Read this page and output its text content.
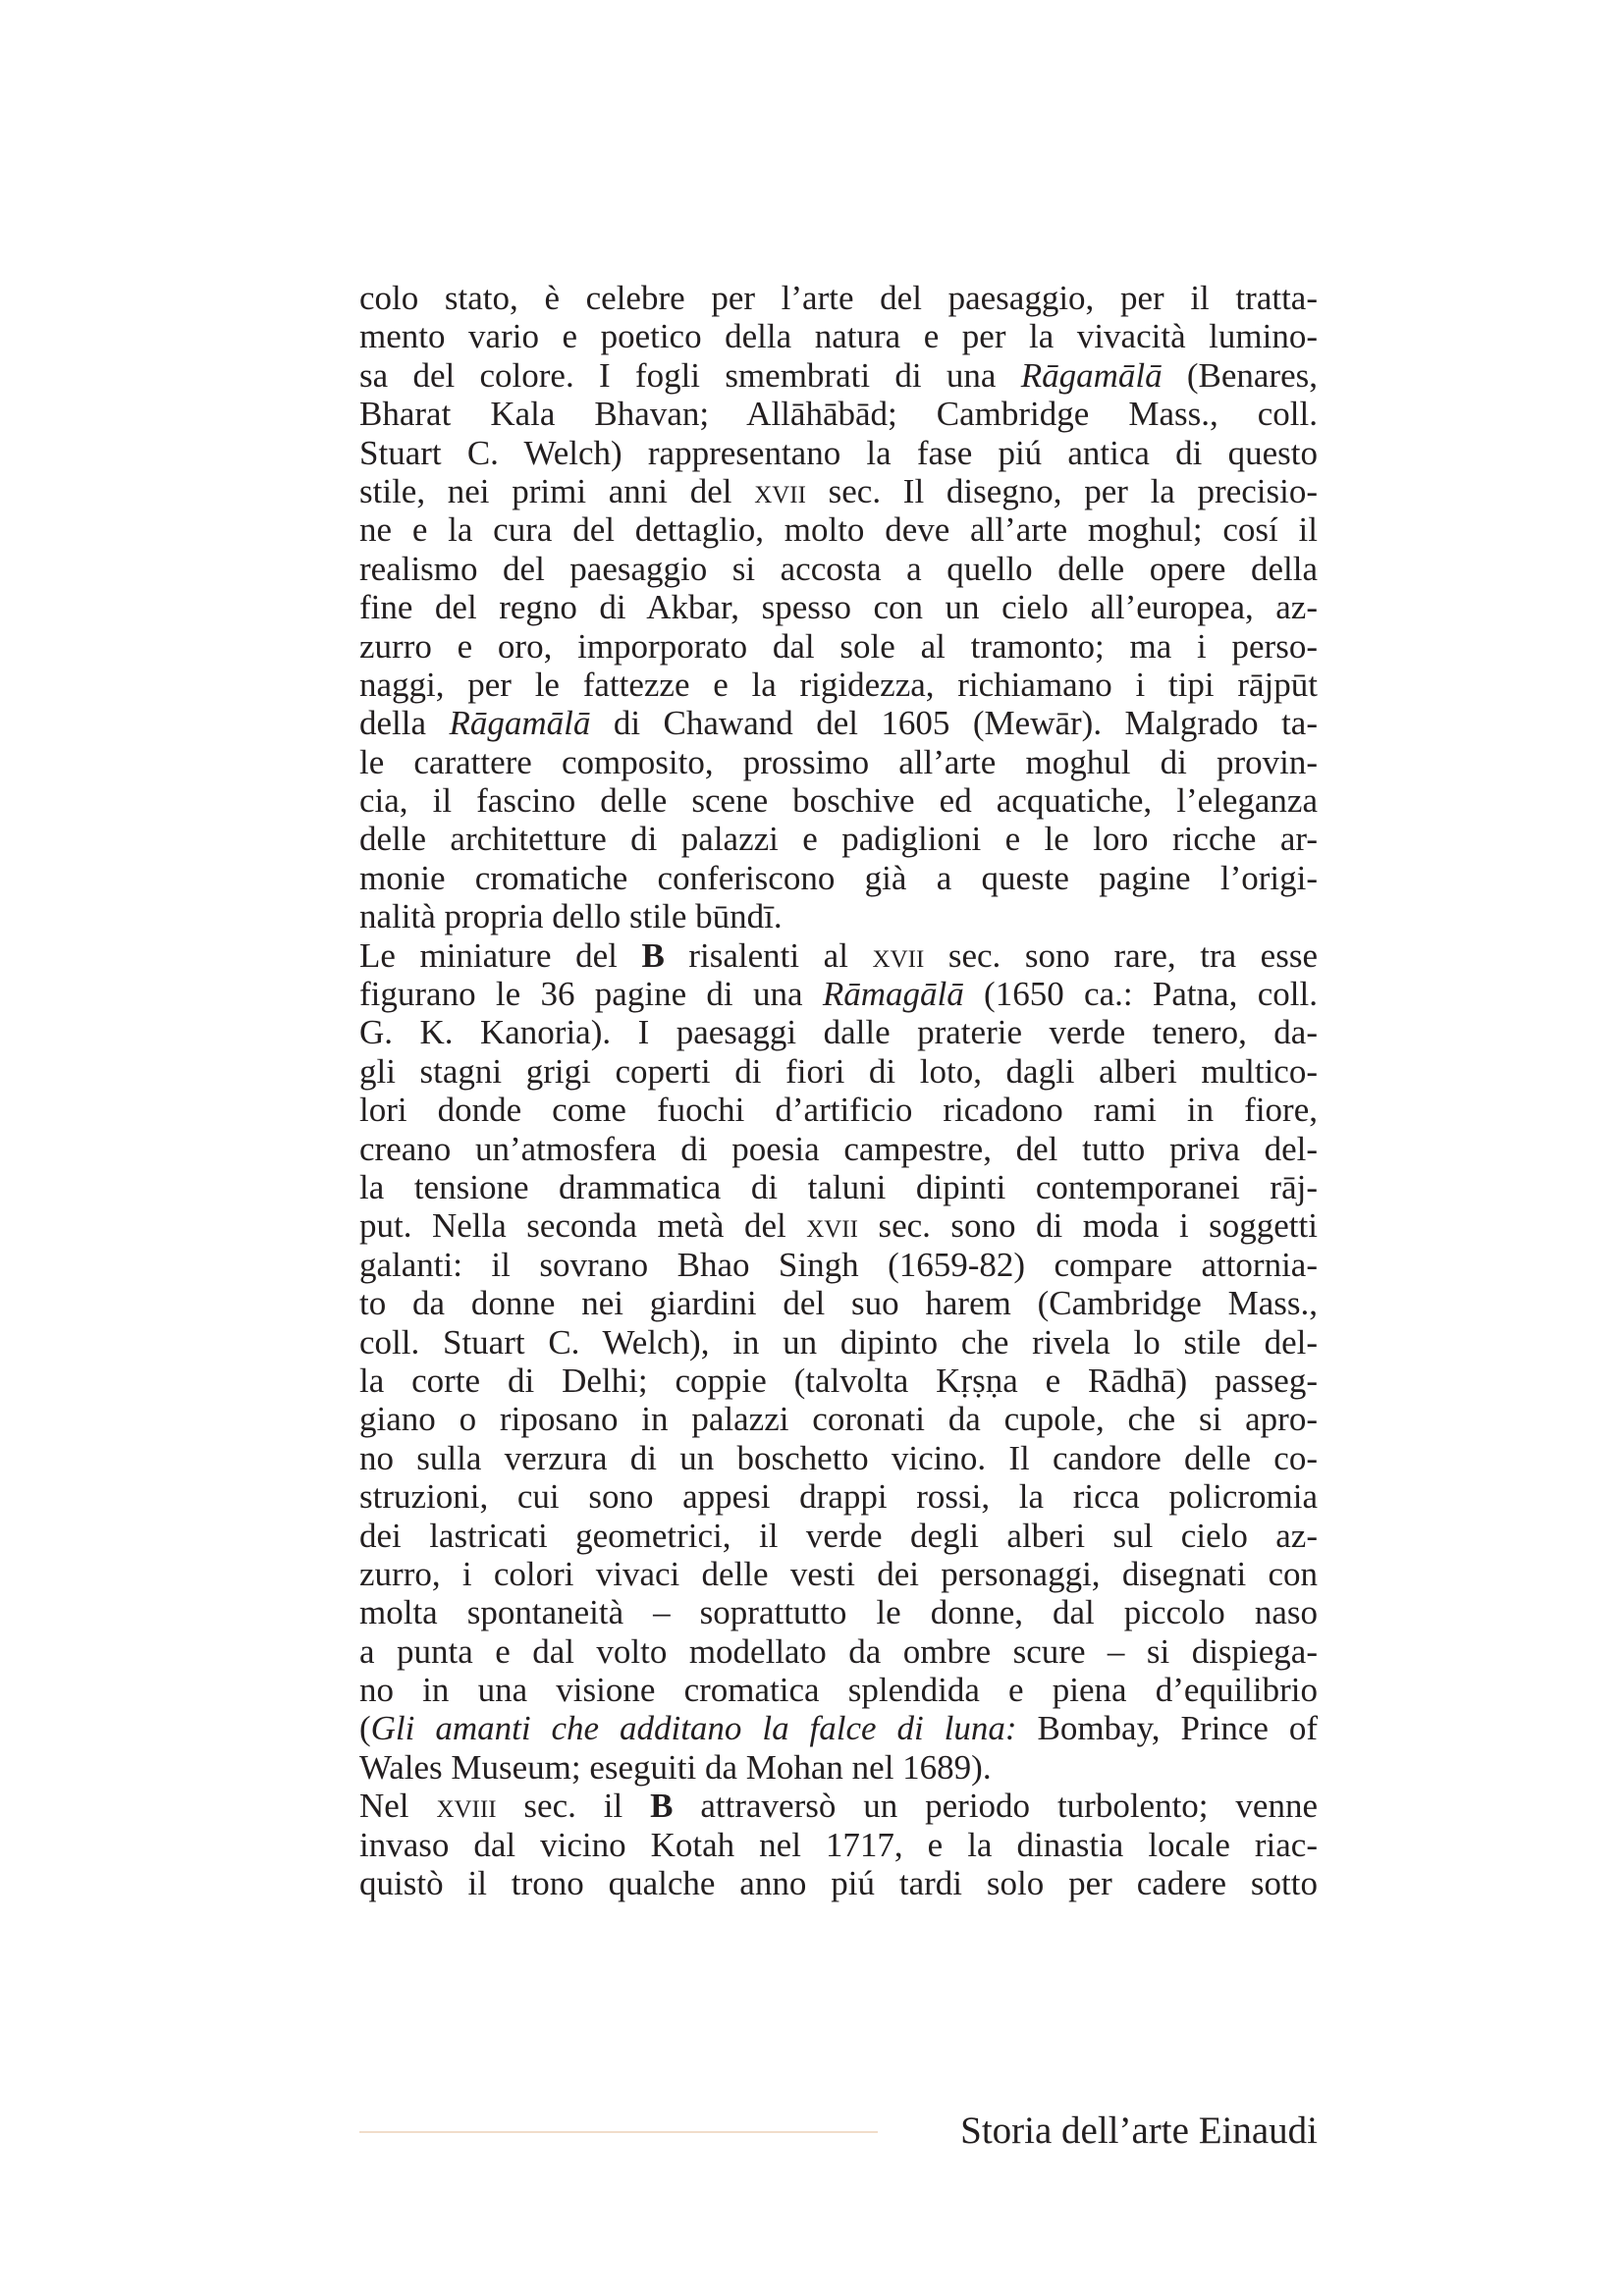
colo stato, è celebre per l’arte del paesaggio, per il tratta-
mento vario e poetico della natura e per la vivacità lumino-
sa del colore. I fogli smembrati di una Rāgamālā (Benares,
Bharat Kala Bhavan; Allāhābād; Cambridge Mass., coll.
Stuart C. Welch) rappresentano la fase piú antica di questo
stile, nei primi anni del xvii sec. Il disegno, per la precisio-
ne e la cura del dettaglio, molto deve all’arte moghul; cosí il
realismo del paesaggio si accosta a quello delle opere della
fine del regno di Akbar, spesso con un cielo all’europea, az-
zurro e oro, imporporato dal sole al tramonto; ma i perso-
naggi, per le fattezze e la rigidezza, richiamano i tipi rājpūt
della Rāgamālā di Chawand del 1605 (Mewār). Malgrado ta-
le carattere composito, prossimo all’arte moghul di provin-
cia, il fascino delle scene boschive ed acquatiche, l’eleganza
delle architetture di palazzi e padiglioni e le loro ricche ar-
monie cromatiche conferiscono già a queste pagine l’origi-
nalità propria dello stile būndī.
Le miniature del B risalenti al xvii sec. sono rare, tra esse
figurano le 36 pagine di una Rāmagālā (1650 ca.: Patna, coll.
G. K. Kanoria). I paesaggi dalle praterie verde tenero, da-
gli stagni grigi coperti di fiori di loto, dagli alberi multico-
lori donde come fuochi d’artificio ricadono rami in fiore,
creano un’atmosfera di poesia campestre, del tutto priva del-
la tensione drammatica di taluni dipinti contemporanei rāj-
put. Nella seconda metà del xvii sec. sono di moda i soggetti
galanti: il sovrano Bhao Singh (1659-82) compare attornia-
to da donne nei giardini del suo harem (Cambridge Mass.,
coll. Stuart C. Welch), in un dipinto che rivela lo stile del-
la corte di Delhi; coppie (talvolta Kṛṣṇa e Rādhā) passeg-
giano o riposano in palazzi coronati da cupole, che si apro-
no sulla verzura di un boschetto vicino. Il candore delle co-
struzioni, cui sono appesi drappi rossi, la ricca policromia
dei lastricati geometrici, il verde degli alberi sul cielo az-
zurro, i colori vivaci delle vesti dei personaggi, disegnati con
molta spontaneità – soprattutto le donne, dal piccolo naso
a punta e dal volto modellato da ombre scure – si dispiega-
no in una visione cromatica splendida e piena d’equilibrio
(Gli amanti che additano la falce di luna: Bombay, Prince of
Wales Museum; eseguiti da Mohan nel 1689).
Nel xviii sec. il B attraversò un periodo turbolento; venne
invaso dal vicino Kotah nel 1717, e la dinastia locale riac-
quistò il trono qualche anno piú tardi solo per cadere sotto
Storia dell’arte Einaudi
